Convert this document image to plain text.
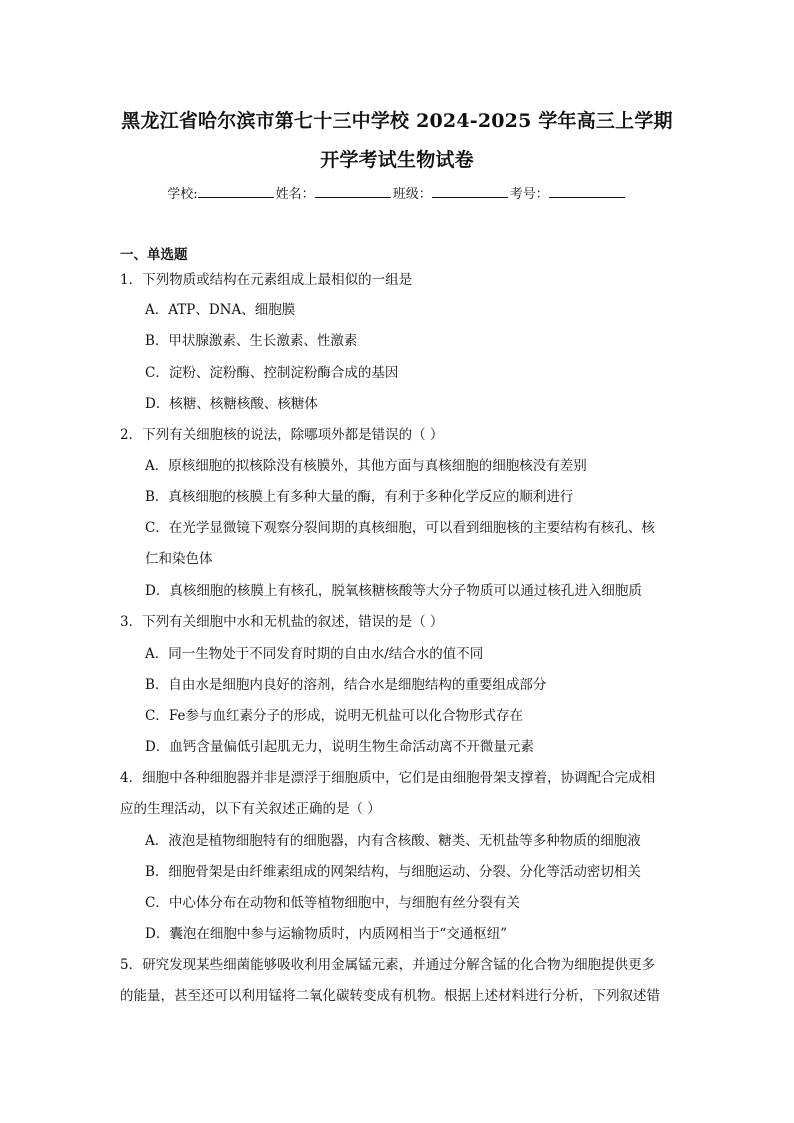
黑龙江省哈尔滨市第七十三中学校 2024-2025 学年高三上学期
开学考试生物试卷
学校:	姓名：	班级：	考号：
一、单选题
1．下列物质或结构在元素组成上最相似的一组是
A．ATP、DNA、细胞膜
B．甲状腺激素、生长激素、性激素
C．淀粉、淀粉酶、控制淀粉酶合成的基因
D．核糖、核糖核酸、核糖体
2．下列有关细胞核的说法，除哪项外都是错误的（ ）
A．原核细胞的拟核除没有核膜外，其他方面与真核细胞的细胞核没有差别
B．真核细胞的核膜上有多种大量的酶，有利于多种化学反应的顺利进行
C．在光学显微镜下观察分裂间期的真核细胞，可以看到细胞核的主要结构有核孔、核
仁和染色体
D．真核细胞的核膜上有核孔，脱氧核糖核酸等大分子物质可以通过核孔进入细胞质
3．下列有关细胞中水和无机盐的叙述，错误的是（ ）
A．同一生物处于不同发育时期的自由水/结合水的值不同
B．自由水是细胞内良好的溶剂，结合水是细胞结构的重要组成部分
C．Fe参与血红素分子的形成，说明无机盐可以化合物形式存在
D．血钙含量偏低引起肌无力，说明生物生命活动离不开微量元素
4．细胞中各种细胞器并非是漂浮于细胞质中，它们是由细胞骨架支撑着，协调配合完成相
应的生理活动，以下有关叙述正确的是（ ）
A．液泡是植物细胞特有的细胞器，内有含核酸、糖类、无机盐等多种物质的细胞液
B．细胞骨架是由纤维素组成的网架结构，与细胞运动、分裂、分化等活动密切相关
C．中心体分布在动物和低等植物细胞中，与细胞有丝分裂有关
D．囊泡在细胞中参与运输物质时，内质网相当于“交通枢纽”
5．研究发现某些细菌能够吸收利用金属锰元素，并通过分解含锰的化合物为细胞提供更多
的能量，甚至还可以利用锰将二氧化碳转变成有机物。根据上述材料进行分析，下列叙述错
